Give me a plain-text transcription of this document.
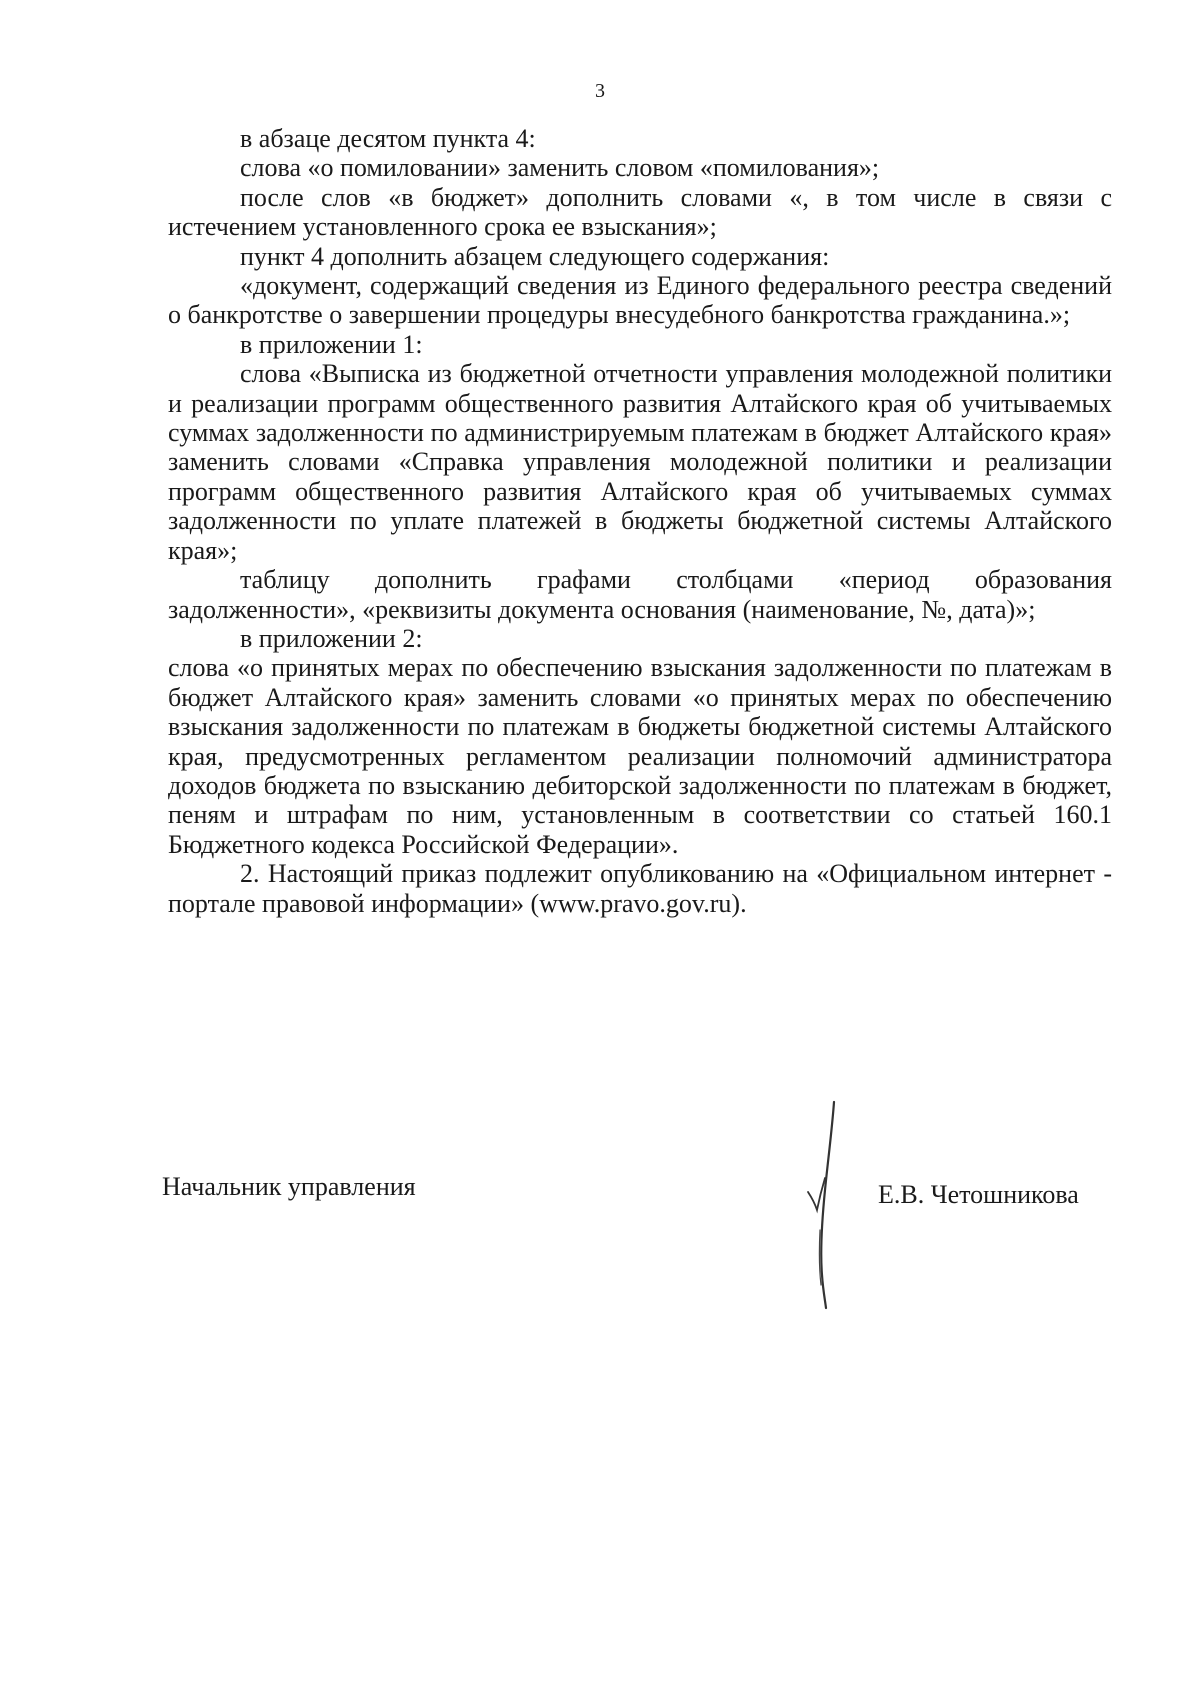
3

в абзаце десятом пункта 4:

слова «о помиловании» заменить словом «помилования»;

после слов «в бюджет» дополнить словами «, в том числе в связи с истечением установленного срока ее взыскания»;

пункт 4 дополнить абзацем следующего содержания:

«документ, содержащий сведения из Единого федерального реестра сведений о банкротстве о завершении процедуры внесудебного банкротства гражданина.»;

в приложении 1:

слова «Выписка из бюджетной отчетности управления молодежной политики и реализации программ общественного развития Алтайского края об учитываемых суммах задолженности по администрируемым платежам в бюджет Алтайского края» заменить словами «Справка управления молодежной политики и реализации программ общественного развития Алтайского края об учитываемых суммах задолженности по уплате платежей в бюджеты бюджетной системы Алтайского края»;

таблицу дополнить графами столбцами «период образования задолженности», «реквизиты документа основания (наименование, №, дата)»;

в приложении 2:

слова «о принятых мерах по обеспечению взыскания задолженности по платежам в бюджет Алтайского края» заменить словами «о принятых мерах по обеспечению взыскания задолженности по платежам в бюджеты бюджетной системы Алтайского края, предусмотренных регламентом реализации полномочий администратора доходов бюджета по взысканию дебиторской задолженности по платежам в бюджет, пеням и штрафам по ним, установленным в соответствии со статьей 160.1 Бюджетного кодекса Российской Федерации».

2. Настоящий приказ подлежит опубликованию на «Официальном интернет - портале правовой информации» (www.pravo.gov.ru).

Начальник управления	Е.В. Четошникова
